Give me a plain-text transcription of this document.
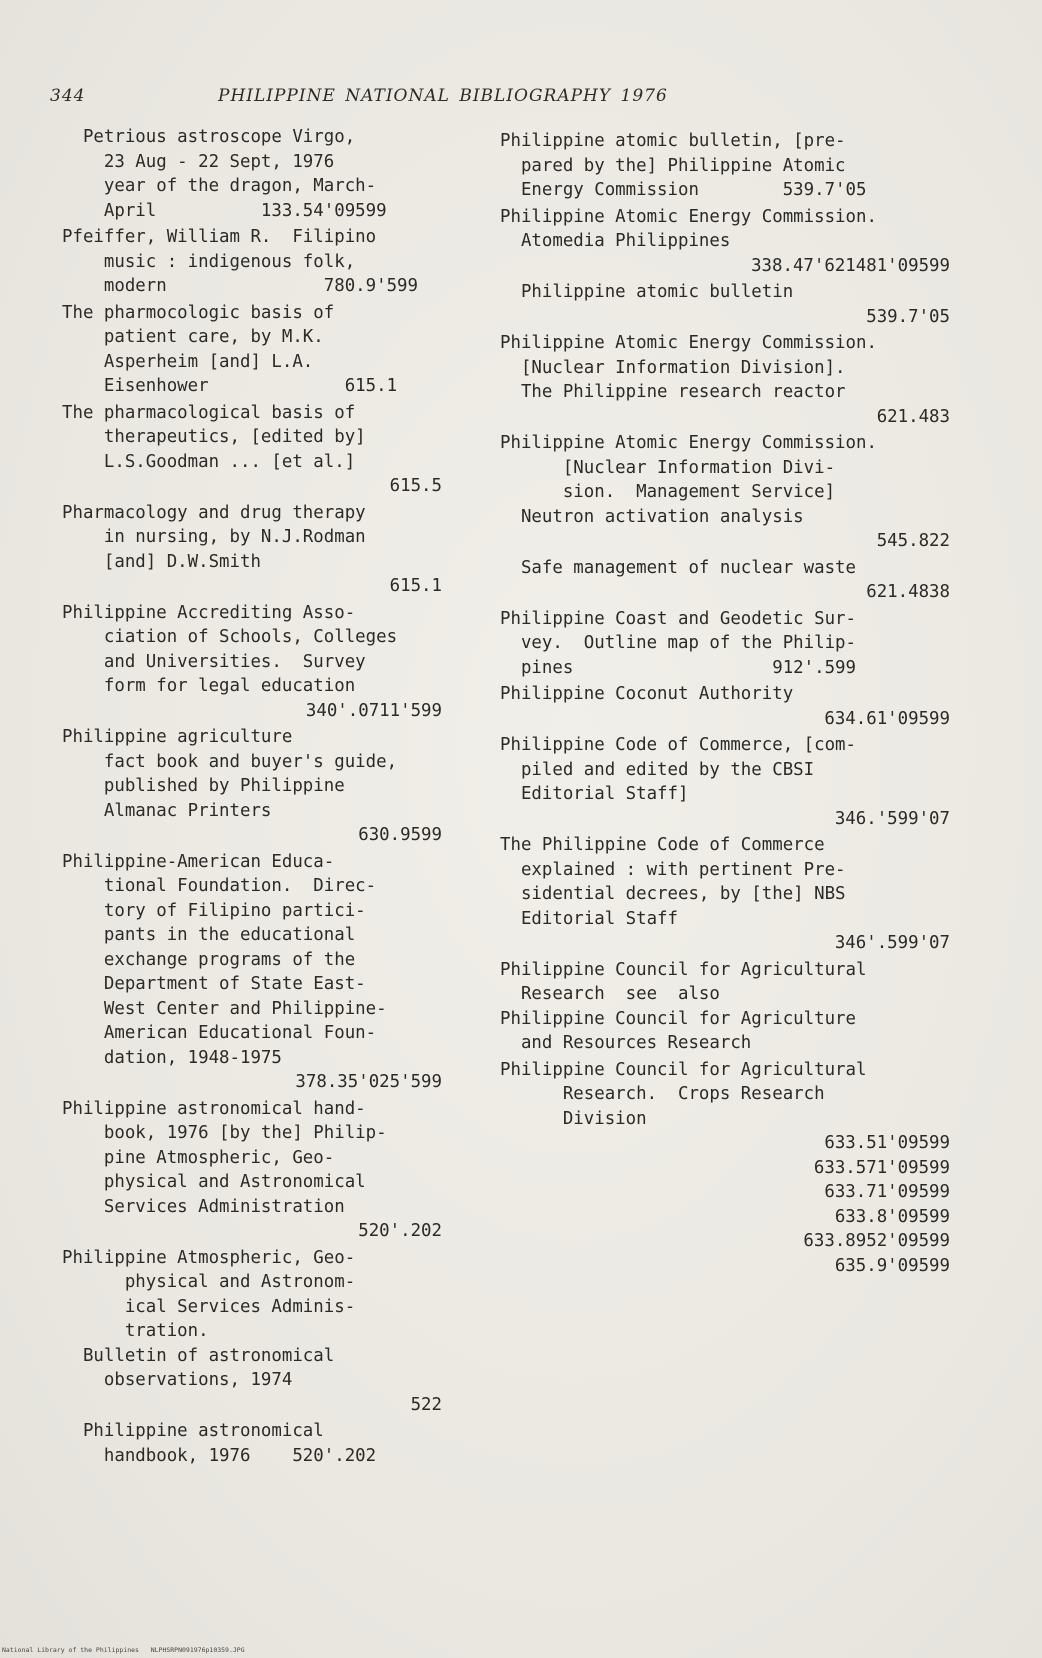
344	PHILIPPINE NATIONAL BIBLIOGRAPHY 1976
Petrious astroscope Virgo,
23 Aug - 22 Sept, 1976
year of the dragon, March-
April          133.54'09599
Pfeiffer, William R.  Filipino
music : indigenous folk,
modern               780.9'599
The pharmocologic basis of
patient care, by M.K.
Asperheim [and] L.A.
Eisenhower             615.1
The pharmacological basis of
therapeutics, [edited by]
L.S.Goodman ... [et al.]
615.5
Pharmacology and drug therapy
in nursing, by N.J.Rodman
[and] D.W.Smith
615.1
Philippine Accrediting Asso-
ciation of Schools, Colleges
and Universities.  Survey
form for legal education
340'.0711'599
Philippine agriculture
fact book and buyer's guide,
published by Philippine
Almanac Printers
630.9599
Philippine-American Educa-
tional Foundation.  Direc-
tory of Filipino partici-
pants in the educational
exchange programs of the
Department of State East-
West Center and Philippine-
American Educational Foun-
dation, 1948-1975
378.35'025'599
Philippine astronomical hand-
book, 1976 [by the] Philip-
pine Atmospheric, Geo-
physical and Astronomical
Services Administration
520'.202
Philippine Atmospheric, Geo-
physical and Astronom-
ical Services Adminis-
tration.
Bulletin of astronomical
observations, 1974
522
Philippine astronomical
handbook, 1976    520'.202
Philippine atomic bulletin, [pre-
pared by the] Philippine Atomic
Energy Commission        539.7'05
Philippine Atomic Energy Commission.
Atomedia Philippines
338.47'621481'09599
Philippine atomic bulletin
539.7'05
Philippine Atomic Energy Commission.
[Nuclear Information Division].
The Philippine research reactor
621.483
Philippine Atomic Energy Commission.
[Nuclear Information Divi-
sion.  Management Service]
Neutron activation analysis
545.822
Safe management of nuclear waste
621.4838
Philippine Coast and Geodetic Sur-
vey.  Outline map of the Philip-
pines                   912'.599
Philippine Coconut Authority
634.61'09599
Philippine Code of Commerce, [com-
piled and edited by the CBSI
Editorial Staff]
346.'599'07
The Philippine Code of Commerce
explained : with pertinent Pre-
sidential decrees, by [the] NBS
Editorial Staff
346'.599'07
Philippine Council for Agricultural
Research  see  also
Philippine Council for Agriculture
and Resources Research
Philippine Council for Agricultural
Research.  Crops Research
Division
633.51'09599
633.571'09599
633.71'09599
633.8'09599
633.8952'09599
635.9'09599
National Library of the Philippines   NLPHSRPN091976p10359.JPG
